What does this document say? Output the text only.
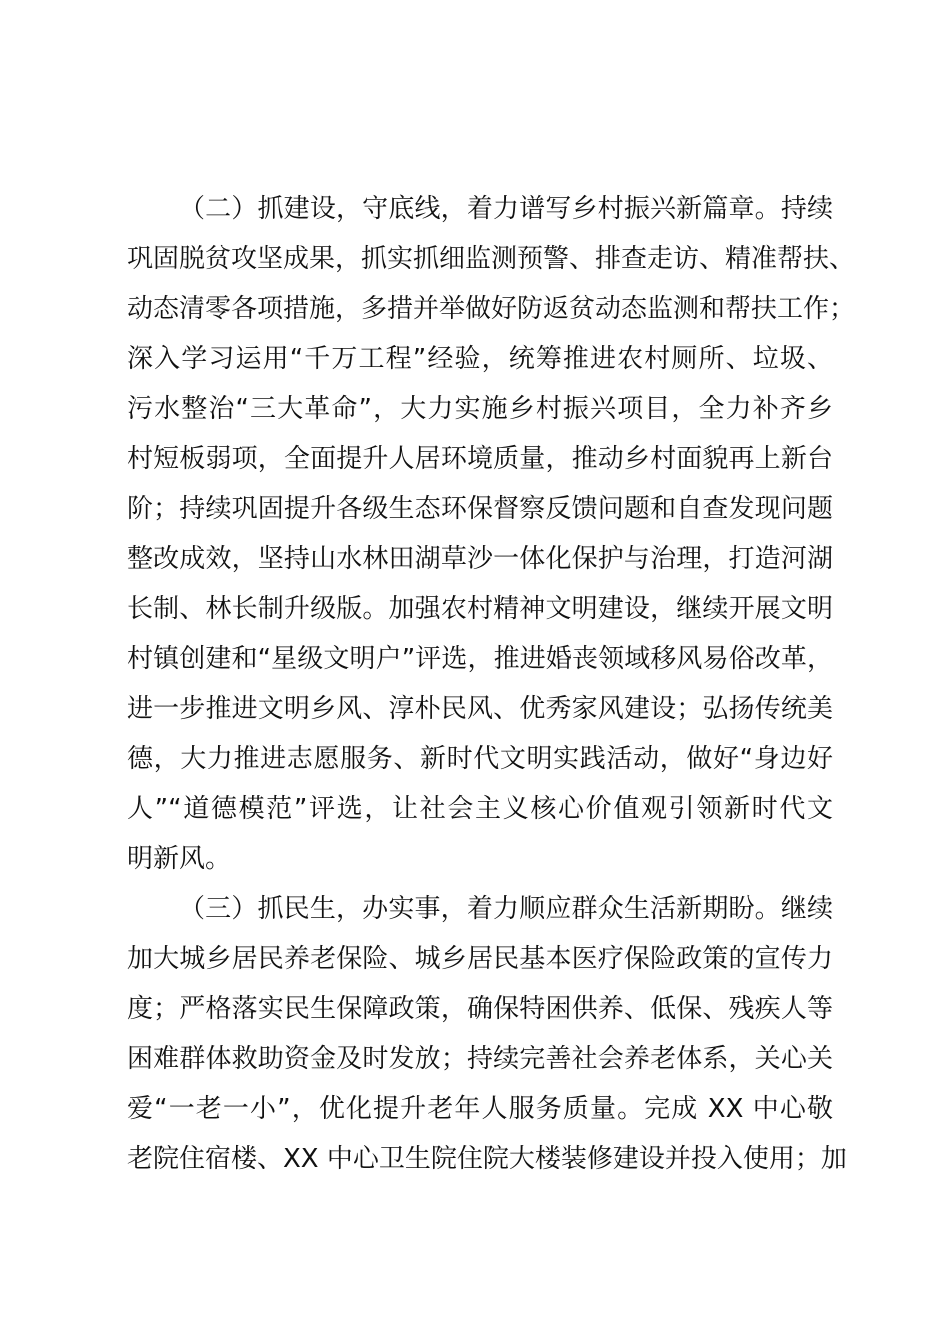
（二）抓建设，守底线，着力谱写乡村振兴新篇章。持续
巩固脱贫攻坚成果，抓实抓细监测预警、排查走访、精准帮扶、
动态清零各项措施，多措并举做好防返贫动态监测和帮扶工作；
深入学习运用“千万工程”经验，统筹推进农村厕所、垃圾、
污水整治“三大革命”，大力实施乡村振兴项目，全力补齐乡
村短板弱项，全面提升人居环境质量，推动乡村面貌再上新台
阶；持续巩固提升各级生态环保督察反馈问题和自查发现问题
整改成效，坚持山水林田湖草沙一体化保护与治理，打造河湖
长制、林长制升级版。加强农村精神文明建设，继续开展文明
村镇创建和“星级文明户”评选，推进婚丧领域移风易俗改革，
进一步推进文明乡风、淳朴民风、优秀家风建设；弘扬传统美
德，大力推进志愿服务、新时代文明实践活动，做好“身边好
人”“道德模范”评选，让社会主义核心价值观引领新时代文
明新风。
（三）抓民生，办实事，着力顺应群众生活新期盼。继续
加大城乡居民养老保险、城乡居民基本医疗保险政策的宣传力
度；严格落实民生保障政策，确保特困供养、低保、残疾人等
困难群体救助资金及时发放；持续完善社会养老体系，关心关
爱“一老一小”，优化提升老年人服务质量。完成 XX 中心敬
老院住宿楼、XX 中心卫生院住院大楼装修建设并投入使用；加
